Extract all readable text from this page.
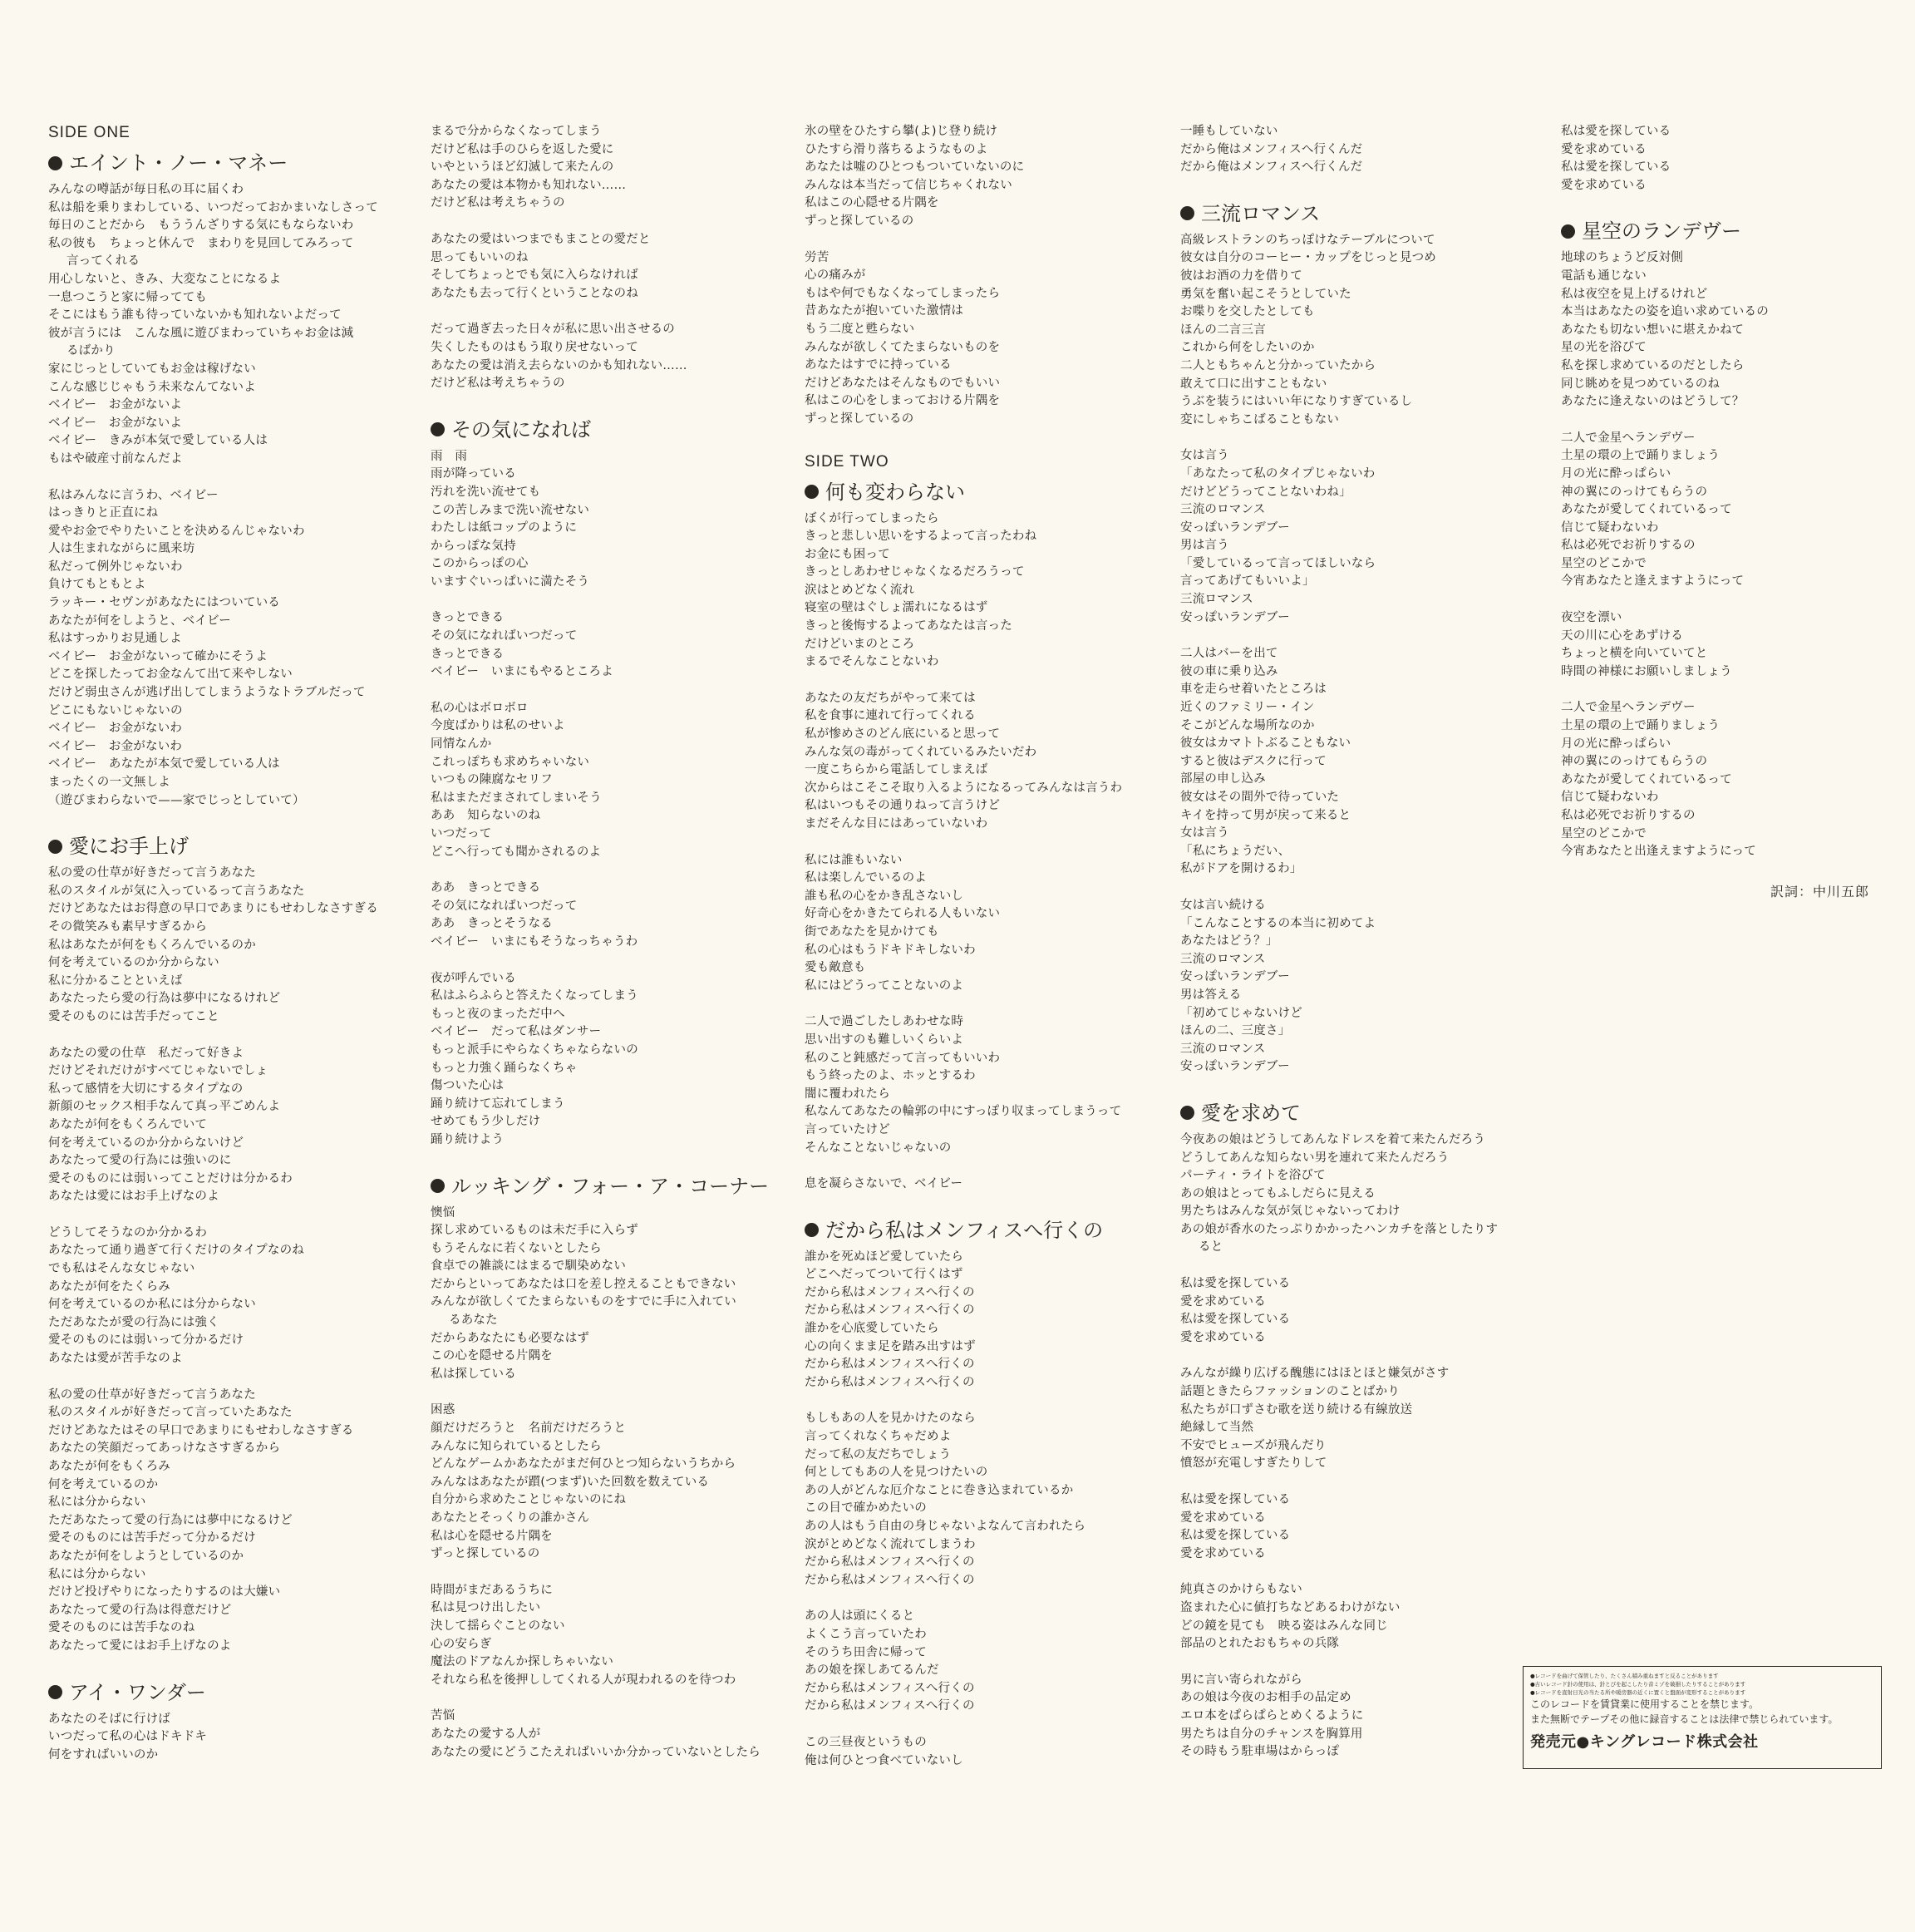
SIDE ONE
エイント・ノー・マネー
みんなの噂話が毎日私の耳に届くわ
私は船を乗りまわしている、いつだっておかまいなしさって
毎日のことだから　もううんざりする気にもならないわ
私の彼も　ちょっと休んで　まわりを見回してみろって
言ってくれる
用心しないと、きみ、大変なことになるよ
一息つこうと家に帰ってても
そこにはもう誰も待っていないかも知れないよだって
彼が言うには　こんな風に遊びまわっていちゃお金は減
るばかり
家にじっとしていてもお金は稼げない
こんな感じじゃもう未来なんてないよ
ベイビー　お金がないよ
ベイビー　お金がないよ
ベイビー　きみが本気で愛している人は
もはや破産寸前なんだよ
私はみんなに言うわ、ベイビー
はっきりと正直にね
愛やお金でやりたいことを決めるんじゃないわ
人は生まれながらに風来坊
私だって例外じゃないわ
負けてもともとよ
ラッキー・セヴンがあなたにはついている
あなたが何をしようと、ベイビー
私はすっかりお見通しよ
ベイビー　お金がないって確かにそうよ
どこを探したってお金なんて出て来やしない
だけど弱虫さんが逃げ出してしまうようなトラブルだって
どこにもないじゃないの
ベイビー　お金がないわ
ベイビー　お金がないわ
ベイビー　あなたが本気で愛している人は
まったくの一文無しよ
（遊びまわらないで——家でじっとしていて）
愛にお手上げ
私の愛の仕草が好きだって言うあなた
私のスタイルが気に入っているって言うあなた
だけどあなたはお得意の早口であまりにもせわしなさすぎる
その微笑みも素早すぎるから
私はあなたが何をもくろんでいるのか
何を考えているのか分からない
私に分かることといえば
あなたったら愛の行為は夢中になるけれど
愛そのものには苦手だってこと
あなたの愛の仕草　私だって好きよ
だけどそれだけがすべてじゃないでしょ
私って感情を大切にするタイプなの
新顔のセックス相手なんて真っ平ごめんよ
あなたが何をもくろんでいて
何を考えているのか分からないけど
あなたって愛の行為には強いのに
愛そのものには弱いってことだけは分かるわ
あなたは愛にはお手上げなのよ
どうしてそうなのか分かるわ
あなたって通り過ぎて行くだけのタイプなのね
でも私はそんな女じゃない
あなたが何をたくらみ
何を考えているのか私には分からない
ただあなたが愛の行為には強く
愛そのものには弱いって分かるだけ
あなたは愛が苦手なのよ
私の愛の仕草が好きだって言うあなた
私のスタイルが好きだって言っていたあなた
だけどあなたはその早口であまりにもせわしなさすぎる
あなたの笑顔だってあっけなさすぎるから
あなたが何をもくろみ
何を考えているのか
私には分からない
ただあなたって愛の行為には夢中になるけど
愛そのものには苦手だって分かるだけ
あなたが何をしようとしているのか
私には分からない
だけど投げやりになったりするのは大嫌い
あなたって愛の行為は得意だけど
愛そのものには苦手なのね
あなたって愛にはお手上げなのよ
アイ・ワンダー
あなたのそばに行けば
いつだって私の心はドキドキ
何をすればいいのか
まるで分からなくなってしまう
だけど私は手のひらを返した愛に
いやというほど幻滅して来たんの
あなたの愛は本物かも知れない……
だけど私は考えちゃうの
あなたの愛はいつまでもまことの愛だと
思ってもいいのね
そしてちょっとでも気に入らなければ
あなたも去って行くということなのね
だって過ぎ去った日々が私に思い出させるの
失くしたものはもう取り戻せないって
あなたの愛は消え去らないのかも知れない……
だけど私は考えちゃうの
その気になれば
雨　雨
雨が降っている
汚れを洗い流せても
この苦しみまで洗い流せない
わたしは紙コップのように
からっぽな気持
このからっぽの心
いますぐいっぱいに満たそう
きっとできる
その気になればいつだって
きっとできる
ベイビー　いまにもやるところよ
私の心はボロボロ
今度ばかりは私のせいよ
同情なんか
これっぽちも求めちゃいない
いつもの陳腐なセリフ
私はまただまされてしまいそう
ああ　知らないのね
いつだって
どこへ行っても聞かされるのよ
ああ　きっとできる
その気になればいつだって
ああ　きっとそうなる
ベイビー　いまにもそうなっちゃうわ
夜が呼んでいる
私はふらふらと答えたくなってしまう
もっと夜のまっただ中へ
ベイビー　だって私はダンサー
もっと派手にやらなくちゃならないの
もっと力強く踊らなくちゃ
傷ついた心は
踊り続けて忘れてしまう
せめてもう少しだけ
踊り続けよう
ルッキング・フォー・ア・コーナー
懊悩
探し求めているものは未だ手に入らず
もうそんなに若くないとしたら
食卓での雑談にはまるで馴染めない
だからといってあなたは口を差し控えることもできない
みんなが欲しくてたまらないものをすでに手に入れてい
るあなた
だからあなたにも必要なはず
この心を隠せる片隅を
私は探している
困惑
顔だけだろうと　名前だけだろうと
みんなに知られているとしたら
どんなゲームかあなたがまだ何ひとつ知らないうちから
みんなはあなたが躓(つまず)いた回数を数えている
自分から求めたことじゃないのにね
あなたとそっくりの誰かさん
私は心を隠せる片隅を
ずっと探しているの
時間がまだあるうちに
私は見つけ出したい
決して揺らぐことのない
心の安らぎ
魔法のドアなんか探しちゃいない
それなら私を後押ししてくれる人が現われるのを待つわ
苦悩
あなたの愛する人が
あなたの愛にどうこたえればいいか分かっていないとしたら
氷の壁をひたすら攀(よ)じ登り続け
ひたすら滑り落ちるようなものよ
あなたは嘘のひとつもついていないのに
みんなは本当だって信じちゃくれない
私はこの心隠せる片隅を
ずっと探しているの
労苦
心の痛みが
もはや何でもなくなってしまったら
昔あなたが抱いていた激情は
もう二度と甦らない
みんなが欲しくてたまらないものを
あなたはすでに持っている
だけどあなたはそんなものでもいい
私はこの心をしまっておける片隅を
ずっと探しているの
SIDE TWO
何も変わらない
ぼくが行ってしまったら
きっと悲しい思いをするよって言ったわね
お金にも困って
きっとしあわせじゃなくなるだろうって
涙はとめどなく流れ
寝室の壁はぐしょ濡れになるはず
きっと後悔するよってあなたは言った
だけどいまのところ
まるでそんなことないわ
あなたの友だちがやって来ては
私を食事に連れて行ってくれる
私が惨めさのどん底にいると思って
みんな気の毒がってくれているみたいだわ
一度こちらから電話してしまえば
次からはこそこそ取り入るようになるってみんなは言うわ
私はいつもその通りねって言うけど
まだそんな目にはあっていないわ
私には誰もいない
私は楽しんでいるのよ
誰も私の心をかき乱さないし
好奇心をかきたてられる人もいない
街であなたを見かけても
私の心はもうドキドキしないわ
愛も敵意も
私にはどうってことないのよ
二人で過ごしたしあわせな時
思い出すのも難しいくらいよ
私のこと鈍感だって言ってもいいわ
もう終ったのよ、ホッとするわ
闇に覆われたら
私なんてあなたの輪郭の中にすっぽり収まってしまうって
言っていたけど
そんなことないじゃないの
息を凝らさないで、ベイビー
だから私はメンフィスへ行くの
誰かを死ぬほど愛していたら
どこへだってついて行くはず
だから私はメンフィスへ行くの
だから私はメンフィスへ行くの
誰かを心底愛していたら
心の向くまま足を踏み出すはず
だから私はメンフィスへ行くの
だから私はメンフィスへ行くの
もしもあの人を見かけたのなら
言ってくれなくちゃだめよ
だって私の友だちでしょう
何としてもあの人を見つけたいの
あの人がどんな厄介なことに巻き込まれているか
この目で確かめたいの
あの人はもう自由の身じゃないよなんて言われたら
涙がとめどなく流れてしまうわ
だから私はメンフィスへ行くの
だから私はメンフィスへ行くの
あの人は頭にくると
よくこう言っていたわ
そのうち田舎に帰って
あの娘を探しあてるんだ
だから私はメンフィスへ行くの
だから私はメンフィスへ行くの
この三昼夜というもの
俺は何ひとつ食べていないし
一睡もしていない
だから俺はメンフィスへ行くんだ
だから俺はメンフィスへ行くんだ
三流ロマンス
高級レストランのちっぽけなテーブルについて
彼女は自分のコーヒー・カップをじっと見つめ
彼はお酒の力を借りて
勇気を奮い起こそうとしていた
お喋りを交したとしても
ほんの二言三言
これから何をしたいのか
二人ともちゃんと分かっていたから
敢えて口に出すこともない
うぶを装うにはいい年になりすぎているし
変にしゃちこばることもない
女は言う
「あなたって私のタイプじゃないわ
だけどどうってことないわね」
三流のロマンス
安っぽいランデブー
男は言う
「愛しているって言ってほしいなら
言ってあげてもいいよ」
三流ロマンス
安っぽいランデブー
二人はバーを出て
彼の車に乗り込み
車を走らせ着いたところは
近くのファミリー・イン
そこがどんな場所なのか
彼女はカマトトぶることもない
すると彼はデスクに行って
部屋の申し込み
彼女はその間外で待っていた
キイを持って男が戻って来ると
女は言う
「私にちょうだい、
私がドアを開けるわ」
女は言い続ける
「こんなことするの本当に初めてよ
あなたはどう？」
三流のロマンス
安っぽいランデブー
男は答える
「初めてじゃないけど
ほんの二、三度さ」
三流のロマンス
安っぽいランデブー
愛を求めて
今夜あの娘はどうしてあんなドレスを着て来たんだろう
どうしてあんな知らない男を連れて来たんだろう
パーティ・ライトを浴びて
あの娘はとってもふしだらに見える
男たちはみんな気が気じゃないってわけ
あの娘が香水のたっぷりかかったハンカチを落としたりす
ると
私は愛を探している
愛を求めている
私は愛を探している
愛を求めている
みんなが繰り広げる醜態にはほとほと嫌気がさす
話題ときたらファッションのことばかり
私たちが口ずさむ歌を送り続ける有線放送
絶縁して当然
不安でヒューズが飛んだり
憤怒が充電しすぎたりして
私は愛を探している
愛を求めている
私は愛を探している
愛を求めている
純真さのかけらもない
盗まれた心に値打ちなどあるわけがない
どの鏡を見ても　映る姿はみんな同じ
部品のとれたおもちゃの兵隊
男に言い寄られながら
あの娘は今夜のお相手の品定め
エロ本をぱらぱらとめくるように
男たちは自分のチャンスを胸算用
その時もう駐車場はからっぽ
私は愛を探している
愛を求めている
私は愛を探している
愛を求めている
星空のランデヴー
地球のちょうど反対側
電話も通じない
私は夜空を見上げるけれど
本当はあなたの姿を追い求めているの
あなたも切ない想いに堪えかねて
星の光を浴びて
私を探し求めているのだとしたら
同じ眺めを見つめているのね
あなたに逢えないのはどうして？
二人で金星へランデヴー
土星の環の上で踊りましょう
月の光に酔っぱらい
神の翼にのっけてもらうの
あなたが愛してくれているって
信じて疑わないわ
私は必死でお祈りするの
星空のどこかで
今宵あなたと逢えますようにって
夜空を漂い
天の川に心をあずける
ちょっと横を向いていてと
時間の神様にお願いしましょう
二人で金星へランデヴー
土星の環の上で踊りましょう
月の光に酔っぱらい
神の翼にのっけてもらうの
あなたが愛してくれているって
信じて疑わないわ
私は必死でお祈りするの
星空のどこかで
今宵あなたと出逢えますようにって
訳詞：中川五郎
●レコードを曲げて保管したり、たくさん積み重ねますと反ることがあります
●古いレコード針の使用は、針とびを起こしたり音ミゾを破損したりすることがあります
●レコードを直射日光の当たる所や暖房器の近くに置くと盤面が変形することがあります
このレコードを賃貸業に使用することを禁じます。
また無断でテープその他に録音することは法律で禁じられています。
発売元●キングレコード株式会社
